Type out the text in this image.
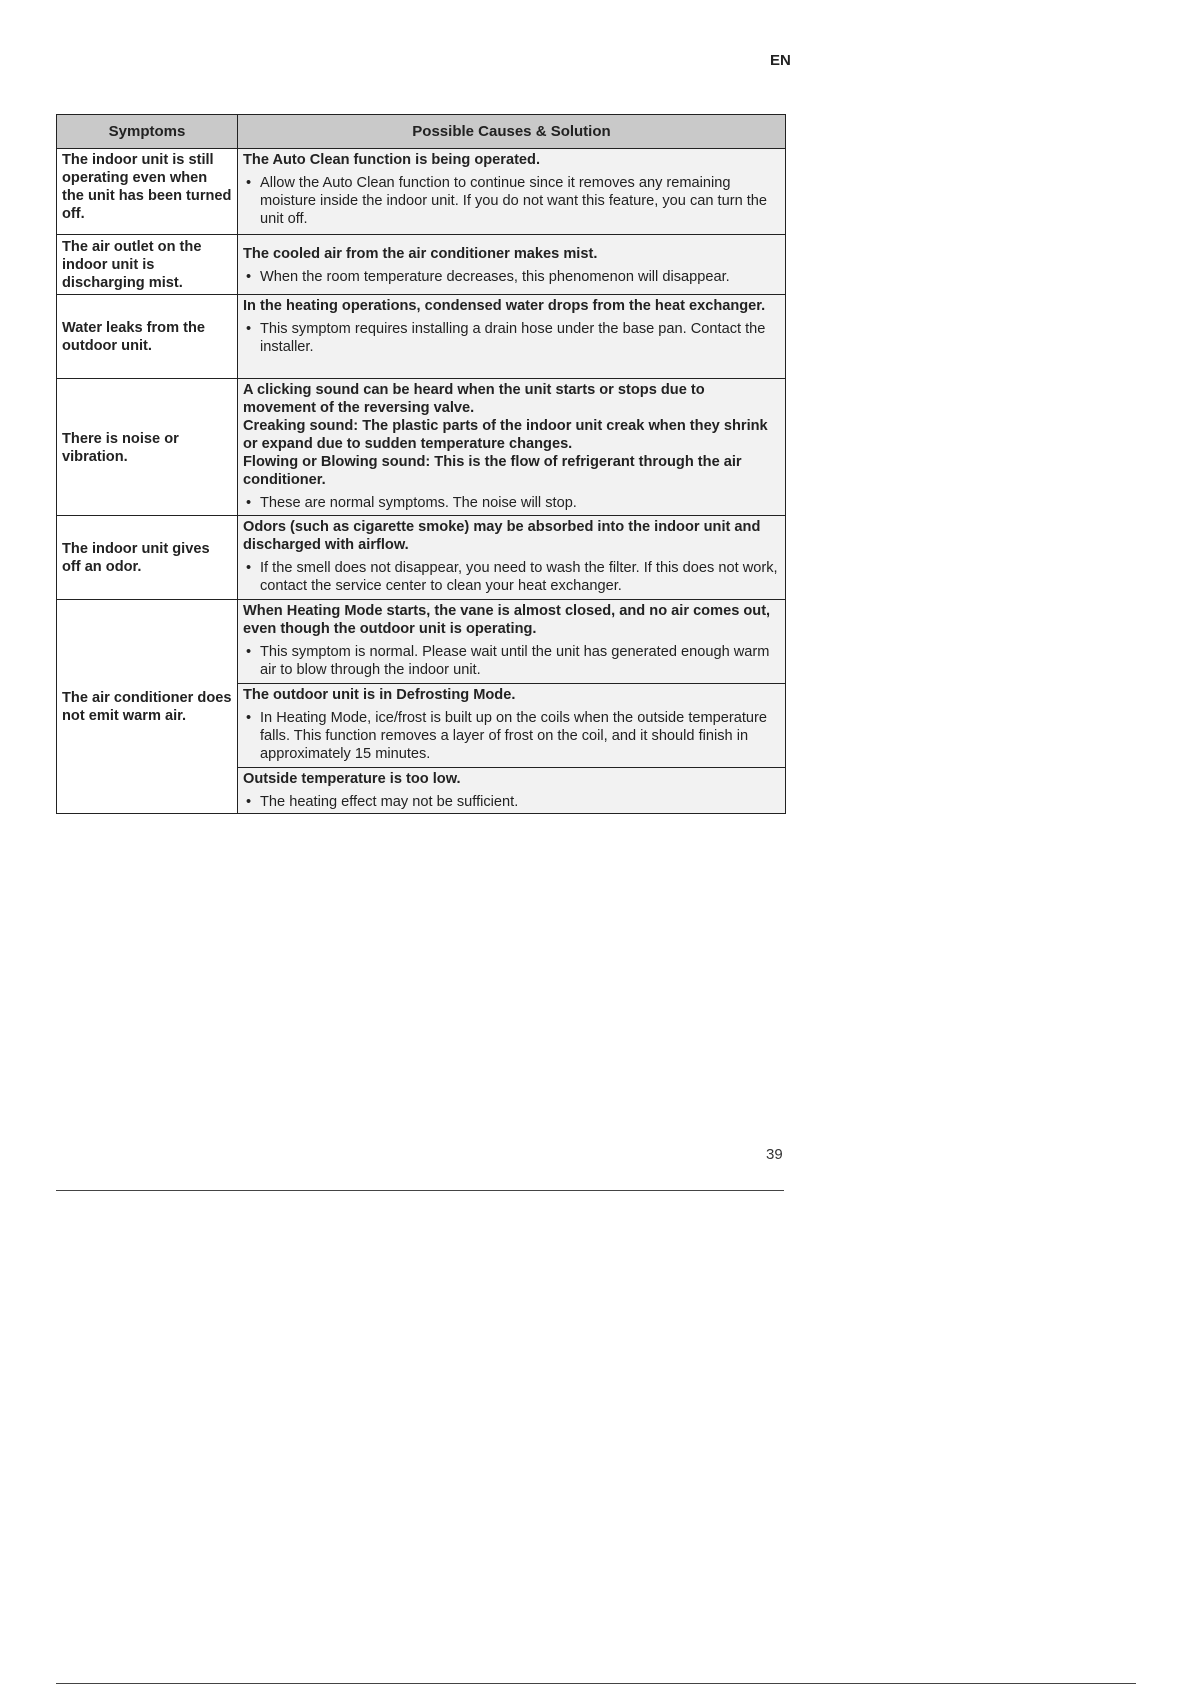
EN
Symptoms	Possible Causes & Solution
The indoor unit is still operating even when the unit has been turned off.	The Auto Clean function is being operated.
• Allow the Auto Clean function to continue since it removes any remaining moisture inside the indoor unit. If you do not want this feature, you can turn the unit off.

The air outlet on the indoor unit is discharging mist.	The cooled air from the air conditioner makes mist.
• When the room temperature decreases, this phenomenon will disappear.

Water leaks from the outdoor unit.	In the heating operations, condensed water drops from the heat exchanger.
• This symptom requires installing a drain hose under the base pan. Contact the installer.

There is noise or vibration.	A clicking sound can be heard when the unit starts or stops due to movement of the reversing valve.
Creaking sound: The plastic parts of the indoor unit creak when they shrink or expand due to sudden temperature changes.
Flowing or Blowing sound: This is the flow of refrigerant through the air conditioner.
• These are normal symptoms. The noise will stop.

The indoor unit gives off an odor.	Odors (such as cigarette smoke) may be absorbed into the indoor unit and discharged with airflow.
• If the smell does not disappear, you need to wash the filter. If this does not work, contact the service center to clean your heat exchanger.

The air conditioner does not emit warm air.	When Heating Mode starts, the vane is almost closed, and no air comes out, even though the outdoor unit is operating.
• This symptom is normal. Please wait until the unit has generated enough warm air to blow through the indoor unit.

	The outdoor unit is in Defrosting Mode.
• In Heating Mode, ice/frost is built up on the coils when the outside temperature falls. This function removes a layer of frost on the coil, and it should finish in approximately 15 minutes.

	Outside temperature is too low.
• The heating effect may not be sufficient.
39
